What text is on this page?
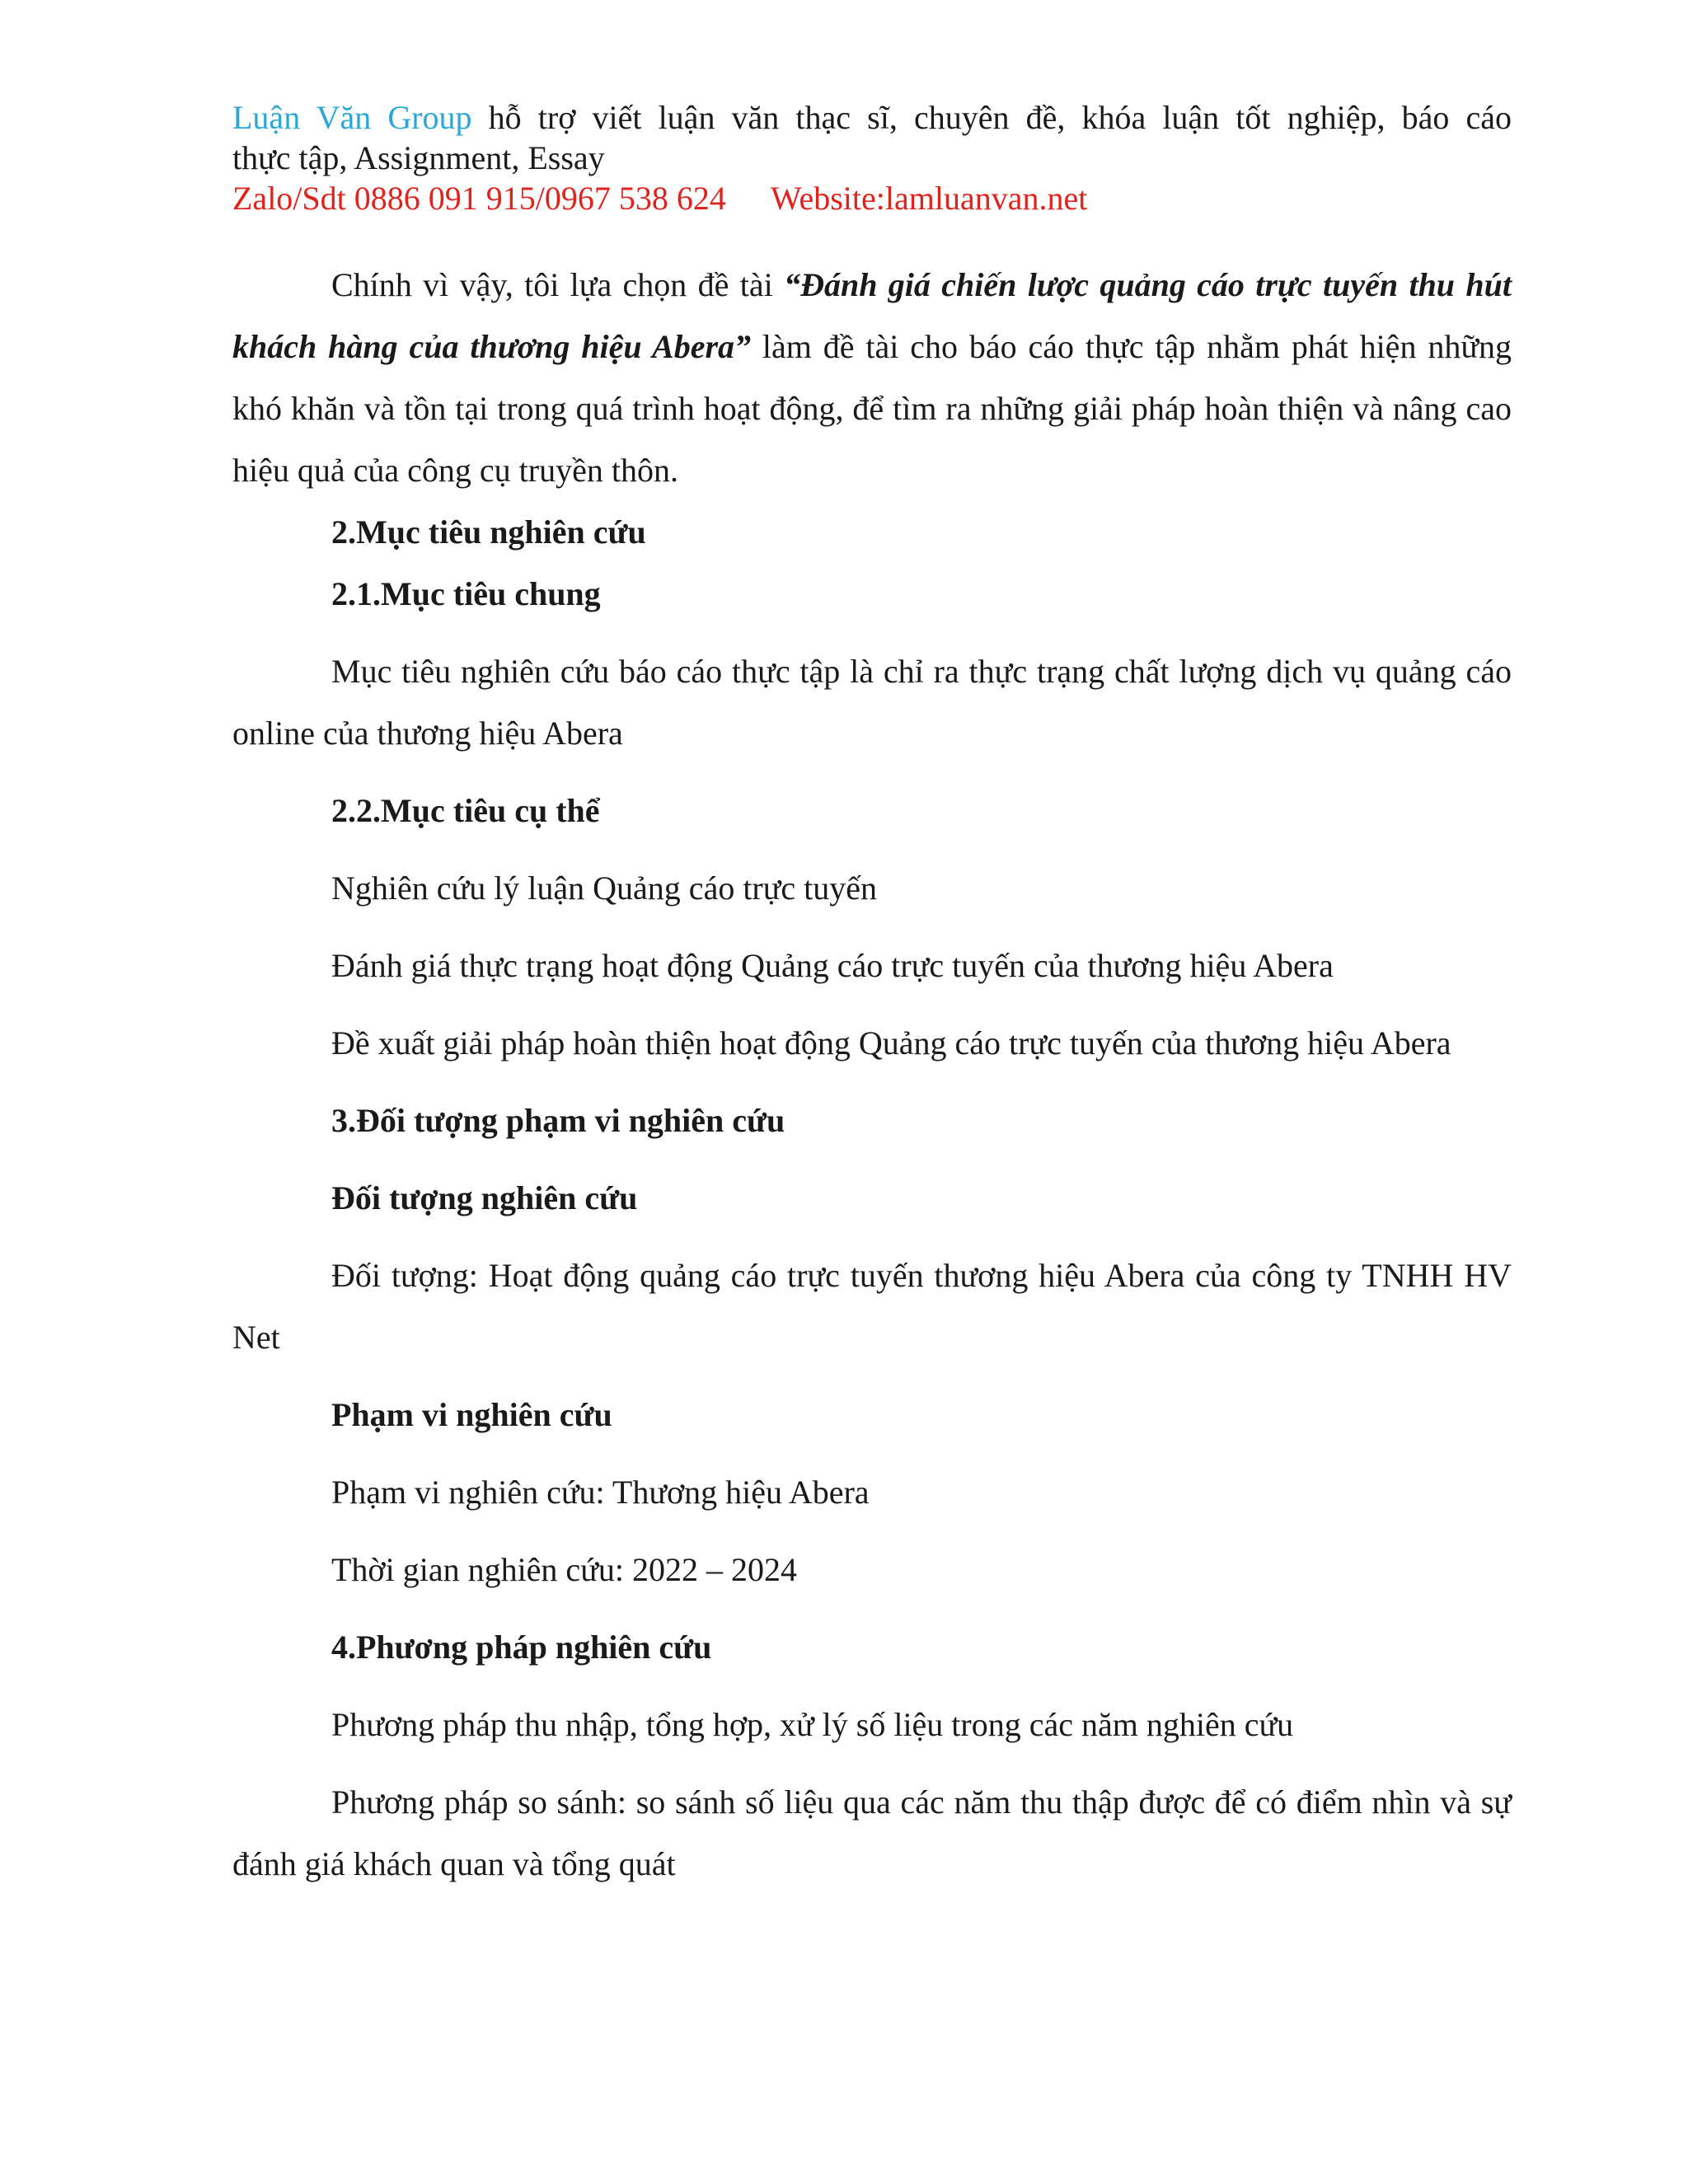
Luận Văn Group hỗ trợ viết luận văn thạc sĩ, chuyên đề, khóa luận tốt nghiệp, báo cáo
thực tập, Assignment, Essay
Zalo/Sdt 0886 091 915/0967 538 624 Website:lamluanvan.net

Chính vì vậy, tôi lựa chọn đề tài “Đánh giá chiến lược quảng cáo trực tuyến thu hút khách hàng của thương hiệu Abera” làm đề tài cho báo cáo thực tập nhằm phát hiện những khó khăn và tồn tại trong quá trình hoạt động, để tìm ra những giải pháp hoàn thiện và nâng cao hiệu quả của công cụ truyền thôn.

2.Mục tiêu nghiên cứu

2.1.Mục tiêu chung

Mục tiêu nghiên cứu báo cáo thực tập là chỉ ra thực trạng chất lượng dịch vụ quảng cáo online của thương hiệu Abera

2.2.Mục tiêu cụ thể

Nghiên cứu lý luận Quảng cáo trực tuyến

Đánh giá thực trạng hoạt động Quảng cáo trực tuyến của thương hiệu Abera

Đề xuất giải pháp hoàn thiện hoạt động Quảng cáo trực tuyến của thương hiệu Abera

3.Đối tượng phạm vi nghiên cứu

Đối tượng nghiên cứu

Đối tượng: Hoạt động quảng cáo trực tuyến thương hiệu Abera của công ty TNHH HV Net

Phạm vi nghiên cứu

Phạm vi nghiên cứu: Thương hiệu Abera

Thời gian nghiên cứu: 2022 – 2024

4.Phương pháp nghiên cứu

Phương pháp thu nhập, tổng hợp, xử lý số liệu trong các năm nghiên cứu

Phương pháp so sánh: so sánh số liệu qua các năm thu thập được để có điểm nhìn và sự đánh giá khách quan và tổng quát
